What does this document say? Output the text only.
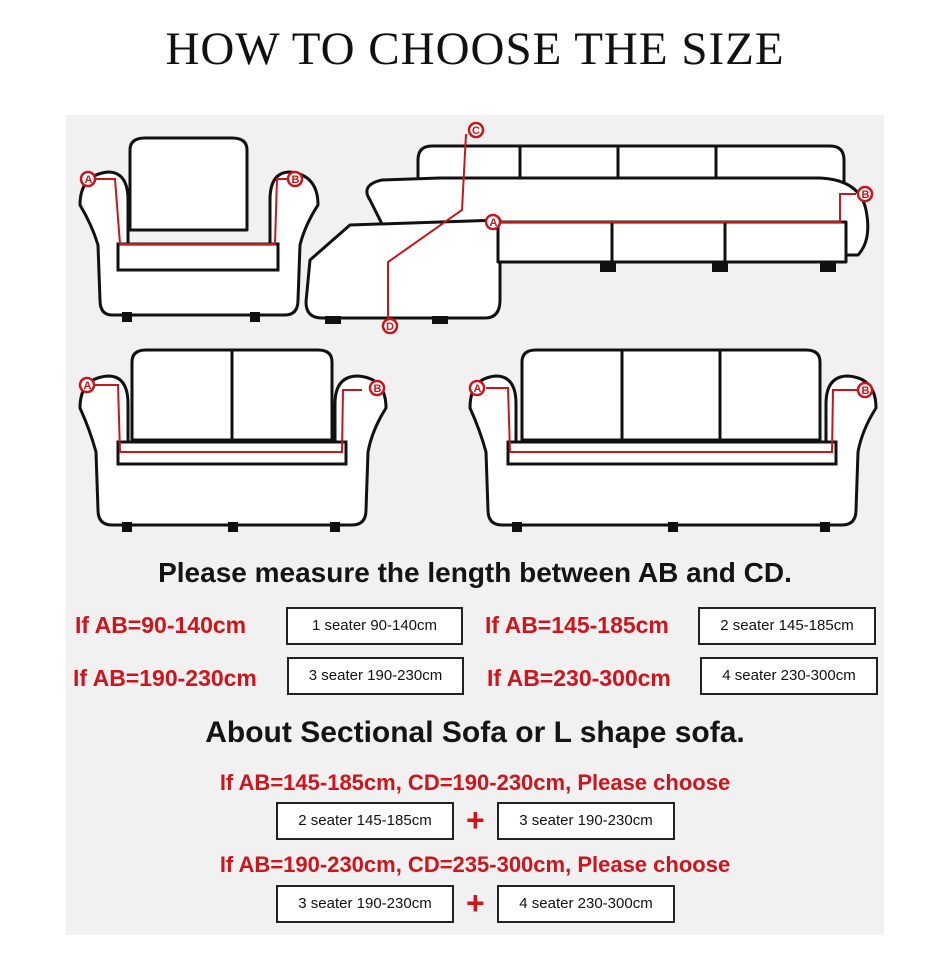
HOW TO CHOOSE THE SIZE
A	B
C
A
B
D
A	B	A	B
Please measure the length between AB and CD.
If AB=90-140cm	1 seater 90-140cm	If AB=145-185cm	2 seater 145-185cm
If AB=190-230cm	3 seater 190-230cm	If AB=230-300cm	4 seater 230-300cm
About Sectional Sofa or L shape sofa.
If AB=145-185cm, CD=190-230cm, Please choose
2 seater 145-185cm	+	3 seater 190-230cm
If AB=190-230cm, CD=235-300cm, Please choose
3 seater 190-230cm	+	4 seater 230-300cm
